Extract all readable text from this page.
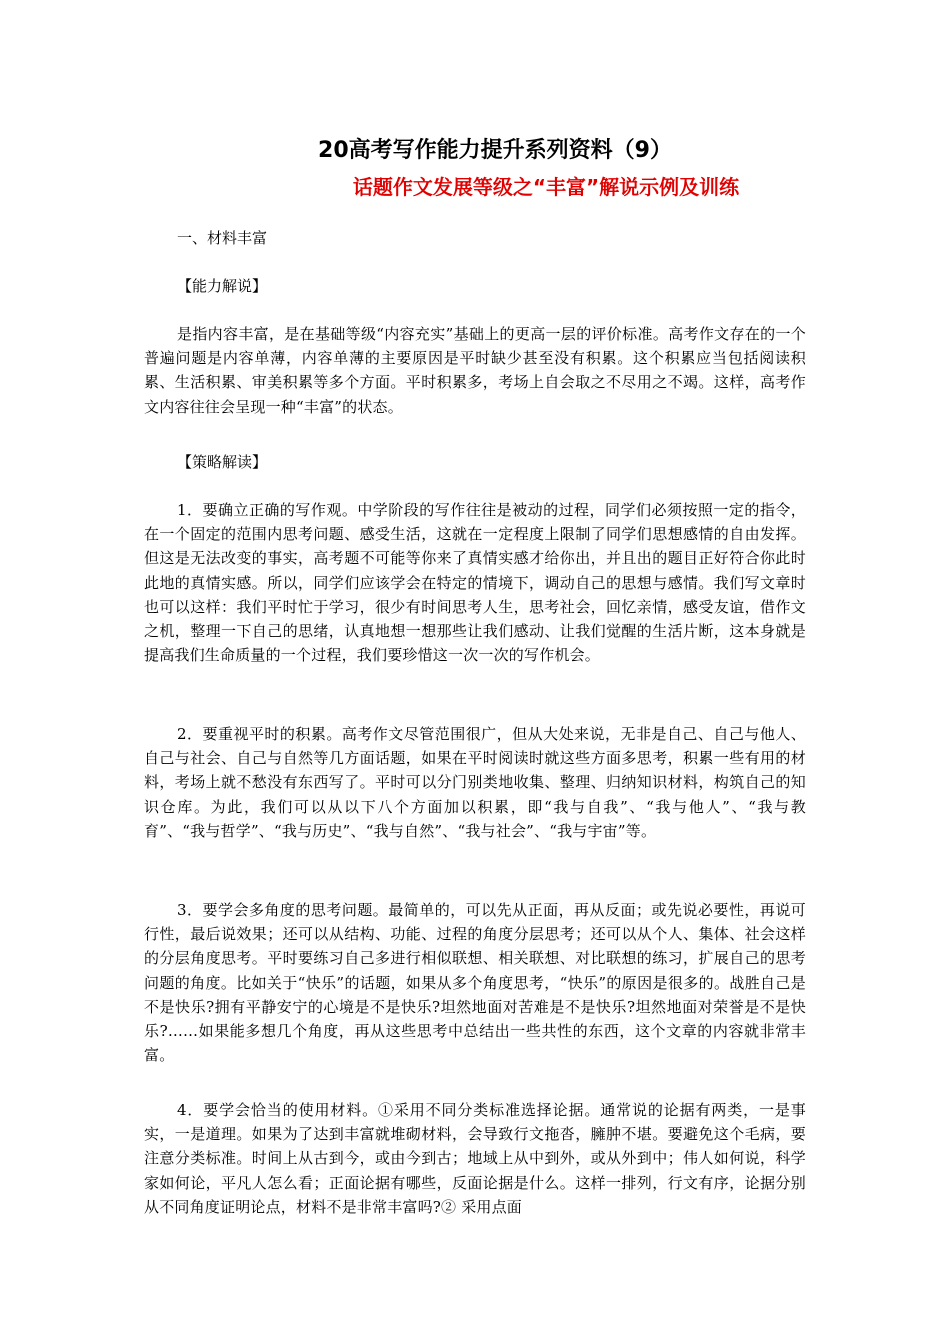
20高考写作能力提升系列资料（9）
话题作文发展等级之“丰富”解说示例及训练
一、材料丰富
【能力解说】
是指内容丰富，是在基础等级“内容充实”基础上的更高一层的评价标准。高考作文存在的一个普遍问题是内容单薄，内容单薄的主要原因是平时缺少甚至没有积累。这个积累应当包括阅读积累、生活积累、审美积累等多个方面。平时积累多，考场上自会取之不尽用之不竭。这样，高考作文内容往往会呈现一种“丰富”的状态。
【策略解读】
1．要确立正确的写作观。中学阶段的写作往往是被动的过程，同学们必须按照一定的指令，在一个固定的范围内思考问题、感受生活，这就在一定程度上限制了同学们思想感情的自由发挥。但这是无法改变的事实，高考题不可能等你来了真情实感才给你出，并且出的题目正好符合你此时此地的真情实感。所以，同学们应该学会在特定的情境下，调动自己的思想与感情。我们写文章时也可以这样：我们平时忙于学习，很少有时间思考人生，思考社会，回忆亲情，感受友谊，借作文之机，整理一下自己的思绪，认真地想一想那些让我们感动、让我们觉醒的生活片断，这本身就是提高我们生命质量的一个过程，我们要珍惜这一次一次的写作机会。
2．要重视平时的积累。高考作文尽管范围很广，但从大处来说，无非是自己、自己与他人、自己与社会、自己与自然等几方面话题，如果在平时阅读时就这些方面多思考，积累一些有用的材料，考场上就不愁没有东西写了。平时可以分门别类地收集、整理、归纳知识材料，构筑自己的知识仓库。为此，我们可以从以下八个方面加以积累，即“我与自我”、“我与他人”、“我与教育”、“我与哲学”、“我与历史”、“我与自然”、“我与社会”、“我与宇宙”等。
3．要学会多角度的思考问题。最简单的，可以先从正面，再从反面；或先说必要性，再说可行性，最后说效果；还可以从结构、功能、过程的角度分层思考；还可以从个人、集体、社会这样的分层角度思考。平时要练习自己多进行相似联想、相关联想、对比联想的练习，扩展自己的思考问题的角度。比如关于“快乐”的话题，如果从多个角度思考，“快乐”的原因是很多的。战胜自己是不是快乐?拥有平静安宁的心境是不是快乐?坦然地面对苦难是不是快乐?坦然地面对荣誉是不是快乐?……如果能多想几个角度，再从这些思考中总结出一些共性的东西，这个文章的内容就非常丰富。
4．要学会恰当的使用材料。①采用不同分类标准选择论据。通常说的论据有两类，一是事实，一是道理。如果为了达到丰富就堆砌材料，会导致行文拖沓，臃肿不堪。要避免这个毛病，要注意分类标准。时间上从古到今，或由今到古；地域上从中到外，或从外到中；伟人如何说，科学家如何论，平凡人怎么看；正面论据有哪些，反面论据是什么。这样一排列，行文有序，论据分别从不同角度证明论点，材料不是非常丰富吗?② 采用点面
